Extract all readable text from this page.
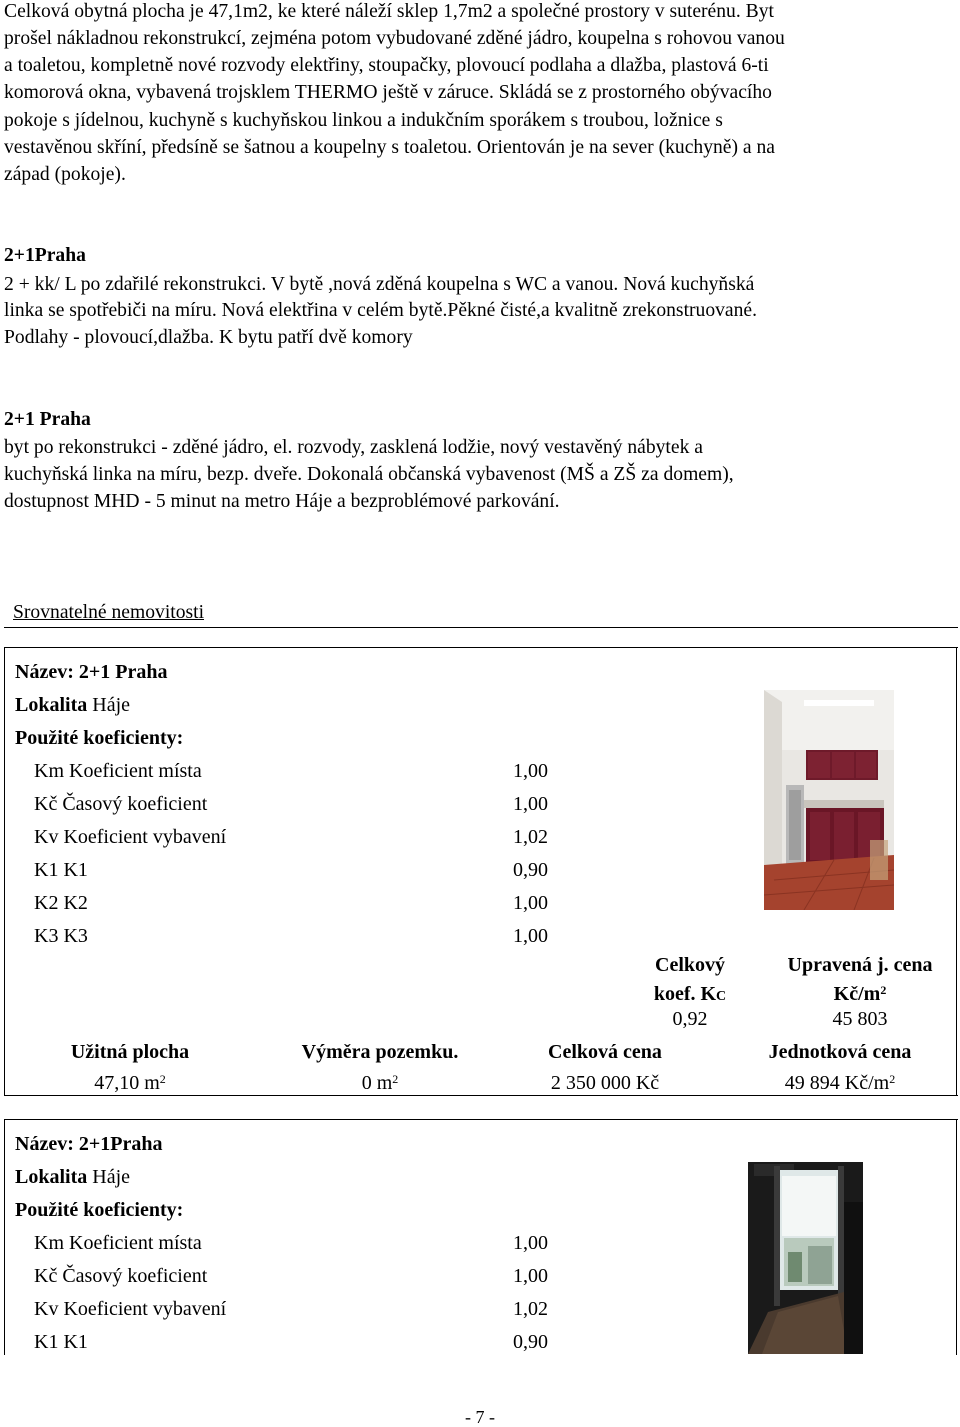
Celková obytná plocha je 47,1m2, ke které náleží sklep 1,7m2 a společné prostory v suterénu. Byt
prošel nákladnou rekonstrukcí, zejména potom vybudované zděné jádro, koupelna s rohovou vanou
a toaletou, kompletně nové rozvody elektřiny, stoupačky, plovoucí podlaha a dlažba, plastová 6-ti
komorová okna, vybavená trojsklem THERMO ještě v záruce. Skládá se z prostorného obývacího
pokoje s jídelnou, kuchyně s kuchyňskou linkou a indukčním sporákem s troubou, ložnice s
vestavěnou skříní, předsíně se šatnou a koupelny s toaletou. Orientován je na sever (kuchyně) a na
západ (pokoje).
2+1Praha
2 + kk/ L po zdařilé rekonstrukci. V bytě ,nová zděná koupelna s WC a vanou. Nová kuchyňská
linka se spotřebiči na míru. Nová elektřina v celém bytě.Pěkné čisté,a kvalitně zrekonstruované.
Podlahy - plovoucí,dlažba. K bytu patří dvě komory
2+1 Praha
byt po rekonstrukci - zděné jádro, el. rozvody, zasklená lodžie, nový vestavěný nábytek a
kuchyňská linka na míru, bezp. dveře. Dokonalá občanská vybavenost (MŠ a ZŠ za domem),
dostupnost MHD - 5 minut na metro Háje a bezproblémové parkování.
Srovnatelné nemovitosti
Název: 2+1 Praha
Lokalita Háje
Použité koeficienty:
Km Koeficient místa	1,00
Kč Časový koeficient	1,00
Kv Koeficient vybavení	1,02
K1 K1	0,90
K2 K2	1,00
K3 K3	1,00
Celkový
koef. KC
0,92
Upravená j. cena
$Kč/m^2$
45 803
Užitná plocha	Výměra pozemku.	Celková cena	Jednotková cena
47,10 $m^2$	0 $m^2$	2 350 000 Kč	49 894 $Kč/m^2$
Název: 2+1Praha
Lokalita Háje
Použité koeficienty:
Km Koeficient místa	1,00
Kč Časový koeficient	1,00
Kv Koeficient vybavení	1,02
K1 K1	0,90
- 7 -
